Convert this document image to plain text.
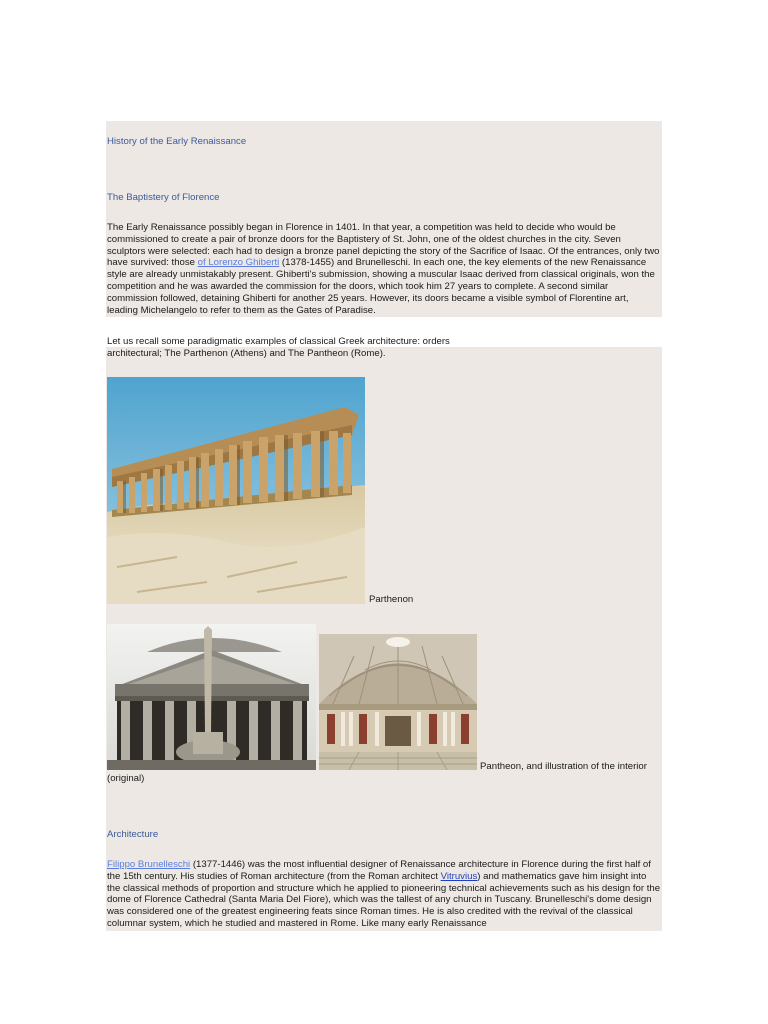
History of the Early Renaissance
The Baptistery of Florence
The Early Renaissance possibly began in Florence in 1401. In that year, a competition was held to decide who would be commissioned to create a pair of bronze doors for the Baptistery of St. John, one of the oldest churches in the city. Seven sculptors were selected: each had to design a bronze panel depicting the story of the Sacrifice of Isaac. Of the entrances, only two have survived: those of Lorenzo Ghiberti (1378-1455) and Brunelleschi. In each one, the key elements of the new Renaissance style are already unmistakably present. Ghiberti's submission, showing a muscular Isaac derived from classical originals, won the competition and he was awarded the commission for the doors, which took him 27 years to complete. A second similar commission followed, detaining Ghiberti for another 25 years. However, its doors became a visible symbol of Florentine art, leading Michelangelo to refer to them as the Gates of Paradise.
Let us recall some paradigmatic examples of classical Greek architecture: orders
architectural; The Parthenon (Athens) and The Pantheon (Rome).
Parthenon
Pantheon, and illustration of the interior
(original)
Architecture
Filippo Brunelleschi (1377-1446) was the most influential designer of Renaissance architecture in Florence during the first half of the 15th century. His studies of Roman architecture (from the Roman architect Vitruvius) and mathematics gave him insight into the classical methods of proportion and structure which he applied to pioneering technical achievements such as his design for the dome of Florence Cathedral (Santa Maria Del Fiore), which was the tallest of any church in Tuscany. Brunelleschi's dome design was considered one of the greatest engineering feats since Roman times. He is also credited with the revival of the classical columnar system, which he studied and mastered in Rome. Like many early Renaissance
